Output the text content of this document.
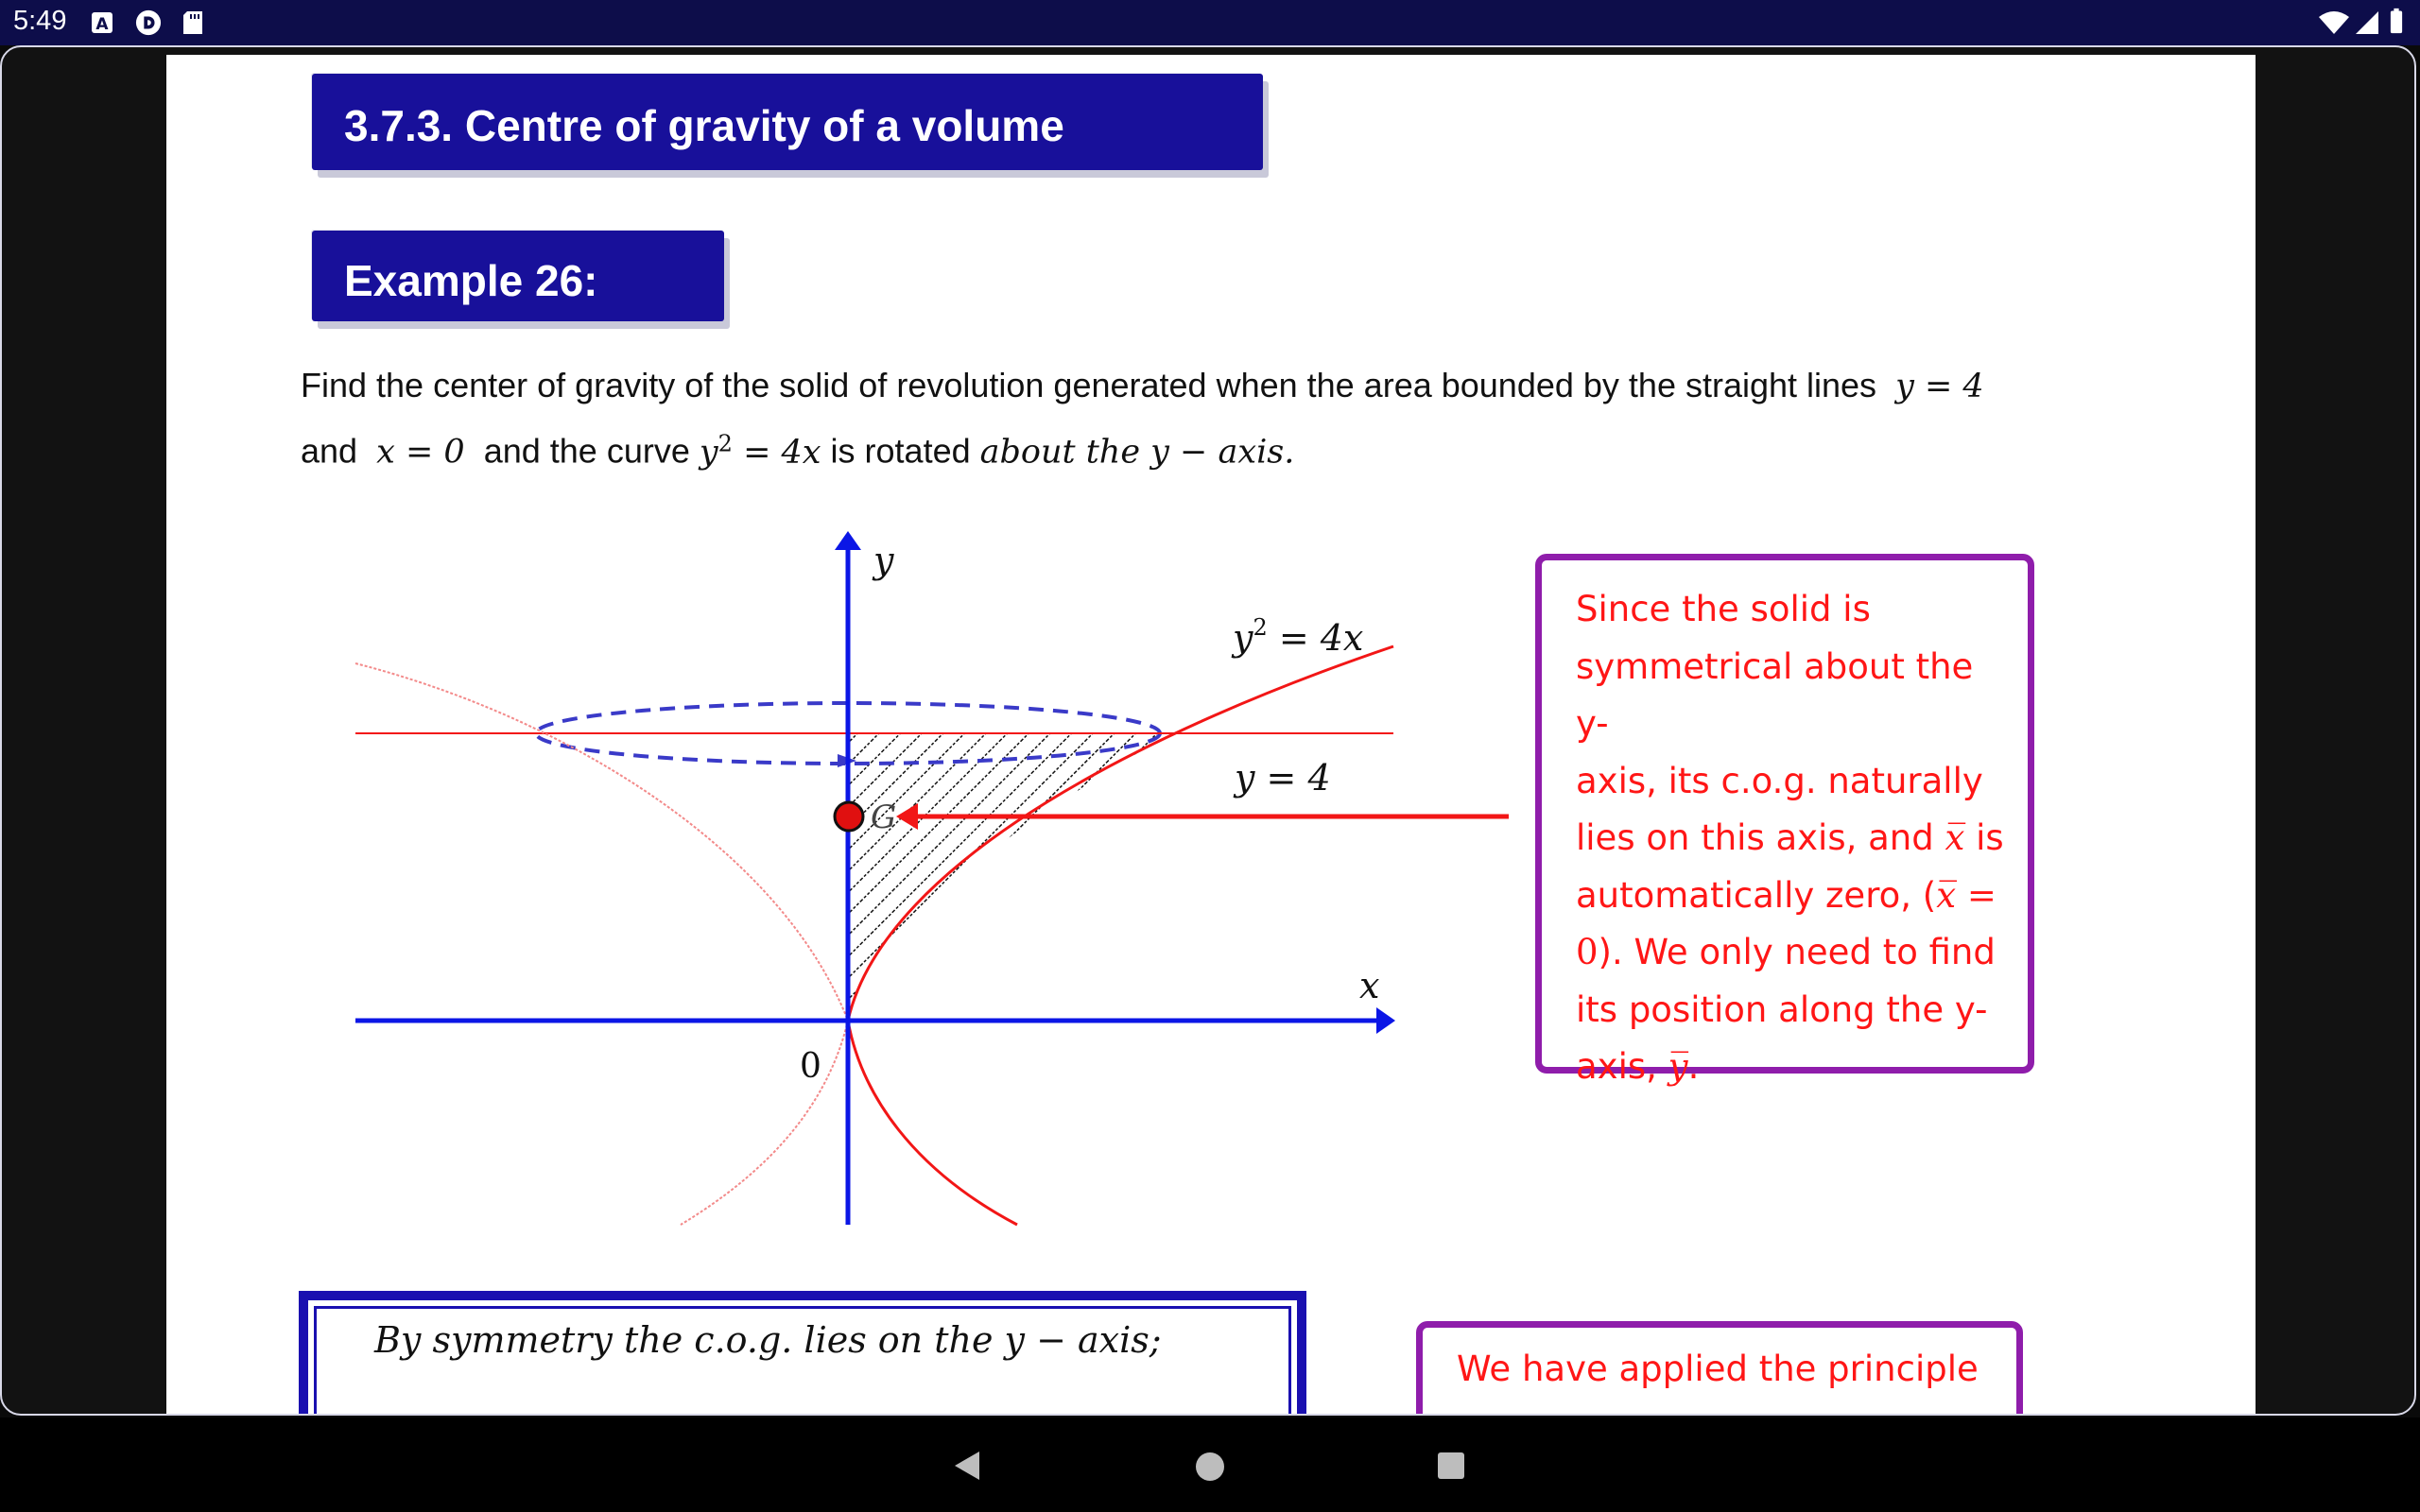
5:49 A
3.7.3. Centre of gravity of a volume
Example 26:
Find the center of gravity of the solid of revolution generated when the area bounded by the straight lines y = 4
and x = 0 and the curve $y^2 = 4x$ is rotated about the y − axis.
y
x
0
G
y = 4
$y^2 = 4x$
Since the solid is
symmetrical about the y-
axis, its c.o.g. naturally
lies on this axis, and x̅ is
automatically zero, (x̅ =
0). We only need to find
its position along the y-
axis, y̅.
By symmetry the c.o.g. lies on the y − axis;
We have applied the principle
